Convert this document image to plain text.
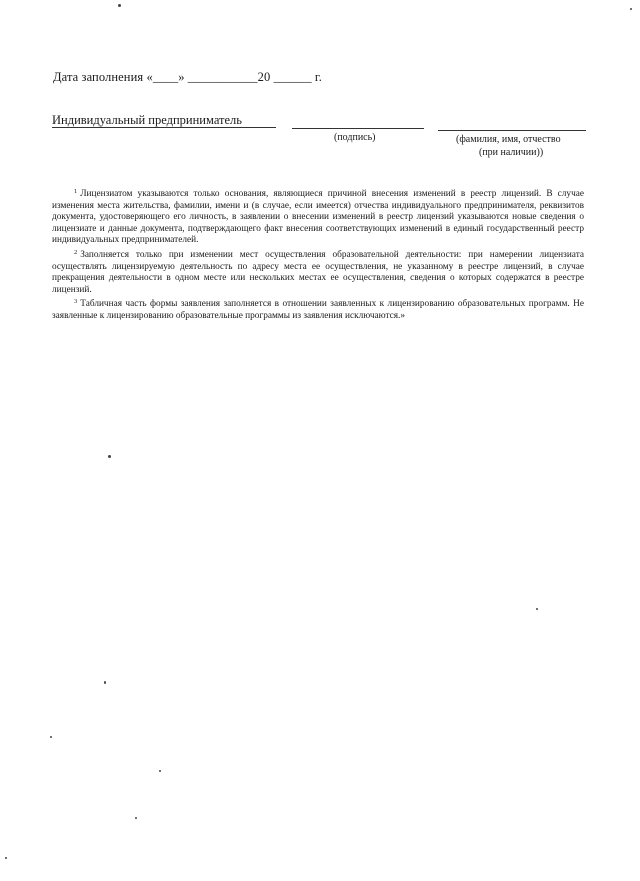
Дата заполнения «____» ___________20 ______ г.
Индивидуальный предприниматель
(подпись)	(фамилия, имя, отчество
(при наличии))

$^1$ Лицензиатом указываются только основания, являющиеся причиной внесения изменений в реестр лицензий. В случае изменения места жительства, фамилии, имени и (в случае, если имеется) отчества индивидуального предпринимателя, реквизитов документа, удостоверяющего его личность, в заявлении о внесении изменений в реестр лицензий указываются новые сведения о лицензиате и данные документа, подтверждающего факт внесения соответствующих изменений в единый государственный реестр индивидуальных предпринимателей.

$^2$ Заполняется только при изменении мест осуществления образовательной деятельности: при намерении лицензиата осуществлять лицензируемую деятельность по адресу места ее осуществления, не указанному в реестре лицензий, в случае прекращения деятельности в одном месте или нескольких местах ее осуществления, сведения о которых содержатся в реестре лицензий.

$^3$ Табличная часть формы заявления заполняется в отношении заявленных к лицензированию образовательных программ. Не заявленные к лицензированию образовательные программы из заявления исключаются.»
